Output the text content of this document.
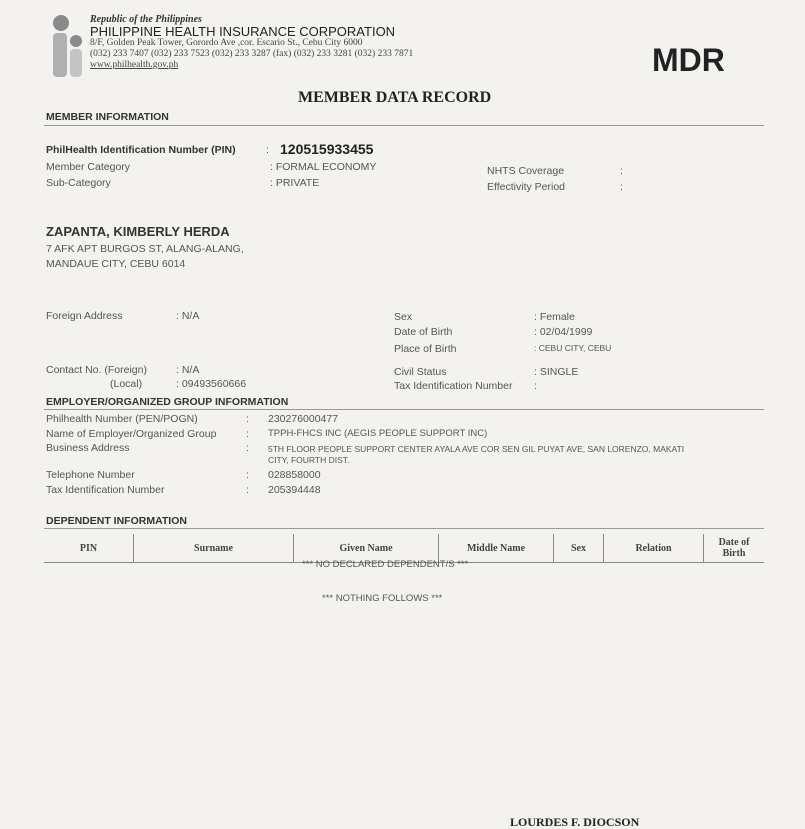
Republic of the Philippines
PHILIPPINE HEALTH INSURANCE CORPORATION
8/F, Golden Peak Tower, Gorordo Ave ,cor. Escario St., Cebu City 6000
(032) 233 7407 (032) 233 7523 (032) 233 3287 (fax) (032) 233 3281 (032) 233 7871
www.philhealth.gov.ph	MDR
MEMBER DATA RECORD
MEMBER INFORMATION
PhilHealth Identification Number (PIN)	: 120515933455
Member Category	: FORMAL ECONOMY
Sub-Category	: PRIVATE
NHTS Coverage	:
Effectivity Period	:
ZAPANTA, KIMBERLY HERDA
7 AFK APT BURGOS ST, ALANG-ALANG,
MANDAUE CITY, CEBU 6014
Foreign Address	: N/A	Sex	: Female
Date of Birth	: 02/04/1999
Place of Birth	: CEBU CITY, CEBU
Contact No. (Foreign)	: N/A
(Local)	: 09493560666
Civil Status	: SINGLE
Tax Identification Number :
EMPLOYER/ORGANIZED GROUP INFORMATION
Philhealth Number (PEN/POGN)	: 230276000477
Name of Employer/Organized Group	: TPPH-FHCS INC (AEGIS PEOPLE SUPPORT INC)
Business Address	: 5TH FLOOR PEOPLE SUPPORT CENTER AYALA AVE COR SEN GIL PUYAT AVE, SAN LORENZO, MAKATI
CITY, FOURTH DIST.
Telephone Number	: 028858000
Tax Identification Number	: 205394448
DEPENDENT INFORMATION
PIN	Surname	Given Name	Middle Name	Sex	Relation	Date of Birth
*** NO DECLARED DEPENDENT/S ***
*** NOTHING FOLLOWS ***
LOURDES F. DIOCSON
